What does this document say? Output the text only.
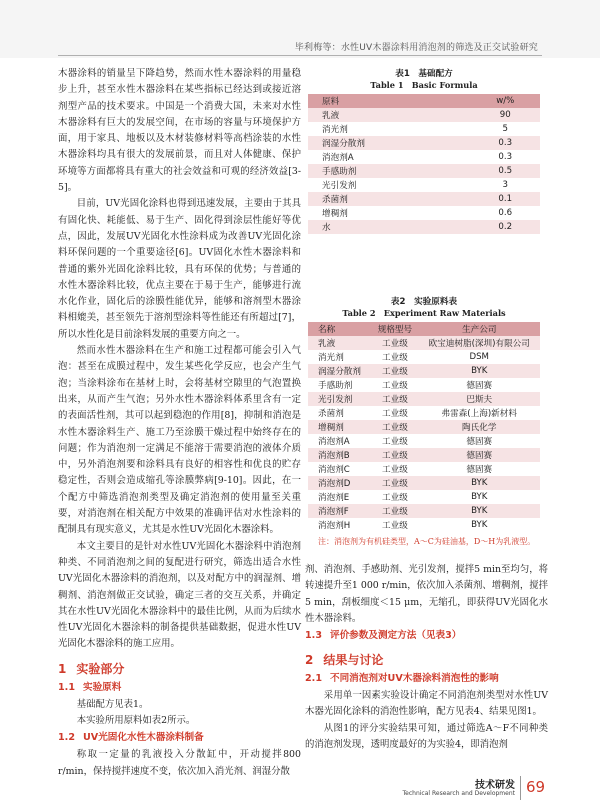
毕利梅等：水性UV木器涂料用消泡剂的筛选及正交试验研究

木器涂料的销量呈下降趋势，然而水性木器涂料的用量稳步上升，甚至水性木器涂料在某些指标已经达到或接近溶剂型产品的技术要求。中国是一个消费大国，未来对水性木器涂料有巨大的发展空间，在市场的容量与环境保护方面，用于家具、地板以及木材装修材料等高档涂装的水性木器涂料均具有很大的发展前景，而且对人体健康、保护环境等方面都将具有重大的社会效益和可观的经济效益[3-5]。

目前，UV光固化涂料也得到迅速发展，主要由于其具有固化快、耗能低、易于生产、固化得到涂层性能好等优点，因此，发展UV光固化水性涂料成为改善UV光固化涂料环保问题的一个重要途径[6]。UV固化水性木器涂料和普通的紫外光固化涂料比较，具有环保的优势；与普通的水性木器涂料比较，优点主要在于易于生产，能够进行流水化作业，固化后的涂膜性能优异，能够和溶剂型木器涂料相媲美，甚至领先于溶剂型涂料等性能还有所超过[7]，所以水性化是目前涂料发展的重要方向之一。

然而水性木器涂料在生产和施工过程都可能会引入气泡：甚至在成膜过程中，发生某些化学反应，也会产生气泡；当涂料涂布在基材上时，会将基材空隙里的气泡置换出来，从而产生气泡；另外水性木器涂料体系里含有一定的表面活性剂，其可以起到稳泡的作用[8]，抑制和消泡是水性木器涂料生产、施工乃至涂膜干燥过程中始终存在的问题；作为消泡剂一定满足不能溶于需要消泡的液体介质中，另外消泡剂要和涂料具有良好的相容性和优良的贮存稳定性，否则会造成缩孔等涂膜弊病[9-10]。因此，在一个配方中筛选消泡剂类型及确定消泡剂的使用量至关重要，对消泡剂在相关配方中效果的准确评估对水性涂料的配制具有现实意义，尤其是水性UV光固化木器涂料。

本文主要目的是针对水性UV光固化木器涂料中消泡剂种类、不同消泡剂之间的复配进行研究，筛选出适合水性UV光固化木器涂料的消泡剂，以及对配方中的润湿剂、增稠剂、消泡剂做正交试验，确定三者的交互关系，并确定其在水性UV光固化木器涂料中的最佳比例，从而为后续水性UV光固化木器涂料的制备提供基础数据，促进水性UV光固化木器涂料的施工应用。

1 实验部分
1.1 实验原料

基础配方见表1。

本实验所用原料如表2所示。

1.2 UV光固化水性木器涂料制备

称取一定量的乳液投入分散缸中，开动搅拌800 r/min，保持搅拌速度不变，依次加入消光剂、润湿分散

表1　基础配方
Table 1　Basic Formula
原料	w/%
乳液	90
消光剂	5
润湿分散剂	0.3
消泡剂A	0.3
手感助剂	0.5
光引发剂	3
杀菌剂	0.1
增稠剂	0.6
水	0.2
表2　实验原料表
Table 2　Experiment Raw Materials
名称	规格型号	生产公司
乳液	工业级	欧宝迪树脂(深圳)有限公司
消光剂	工业级	DSM
润湿分散剂	工业级	BYK
手感助剂	工业级	德固赛
光引发剂	工业级	巴斯夫
杀菌剂	工业级	弗雷森(上海)新材料
增稠剂	工业级	陶氏化学
消泡剂A	工业级	德固赛
消泡剂B	工业级	德固赛
消泡剂C	工业级	德固赛
消泡剂D	工业级	BYK
消泡剂E	工业级	BYK
消泡剂F	工业级	BYK
消泡剂H	工业级	BYK
注：消泡剂为有机硅类型，A～C为硅油基，D～H为乳液型。

剂、消泡剂、手感助剂、光引发剂，搅拌5 min至均匀，将转速提升至1 000 r/min，依次加入杀菌剂、增稠剂，搅拌5 min，刮板细度＜15 μm，无缩孔，即获得UV光固化水性木器涂料。

1.3 评价参数及测定方法（见表3）
2 结果与讨论
2.1 不同消泡剂对UV木器涂料消泡性的影响

采用单一因素实验设计确定不同消泡剂类型对水性UV木器光固化涂料的消泡性影响，配方见表4、结果见图1。

从图1的评分实验结果可知，通过筛选A～F不同种类的消泡剂发现，透明度最好的为实验4，即消泡剂

技术研发
Technical Research and Development 69
